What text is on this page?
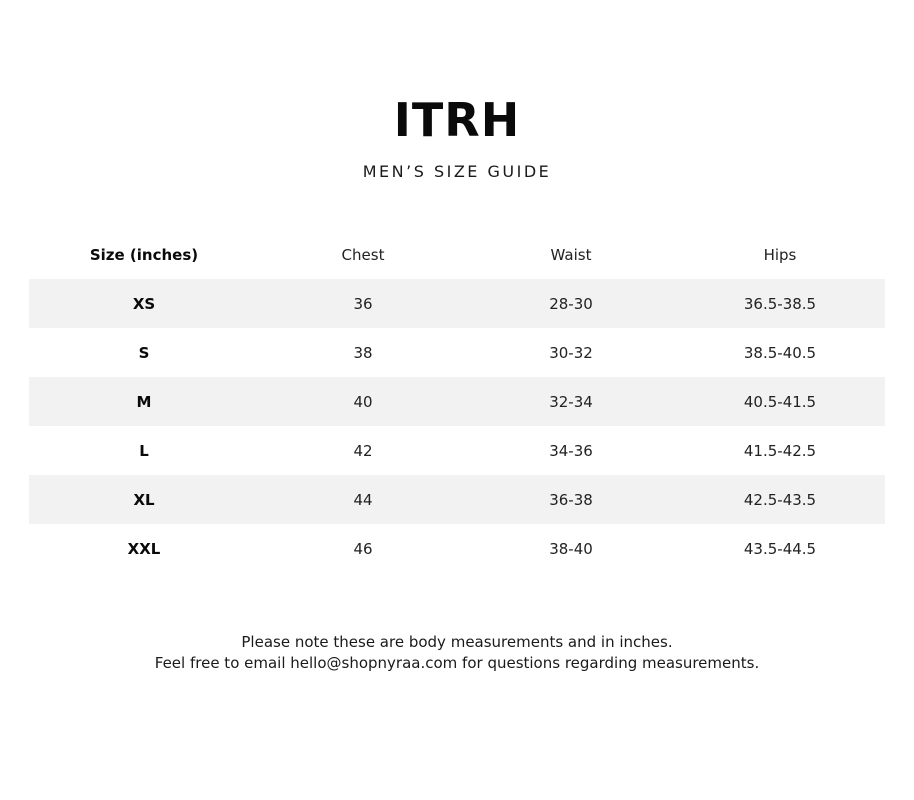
ITRH
MEN’S SIZE GUIDE
Size (inches)	Chest	Waist	Hips
XS	36	28-30	36.5-38.5
S	38	30-32	38.5-40.5
M	40	32-34	40.5-41.5
L	42	34-36	41.5-42.5
XL	44	36-38	42.5-43.5
XXL	46	38-40	43.5-44.5
Please note these are body measurements and in inches.
Feel free to email hello@shopnyraa.com for questions regarding measurements.
